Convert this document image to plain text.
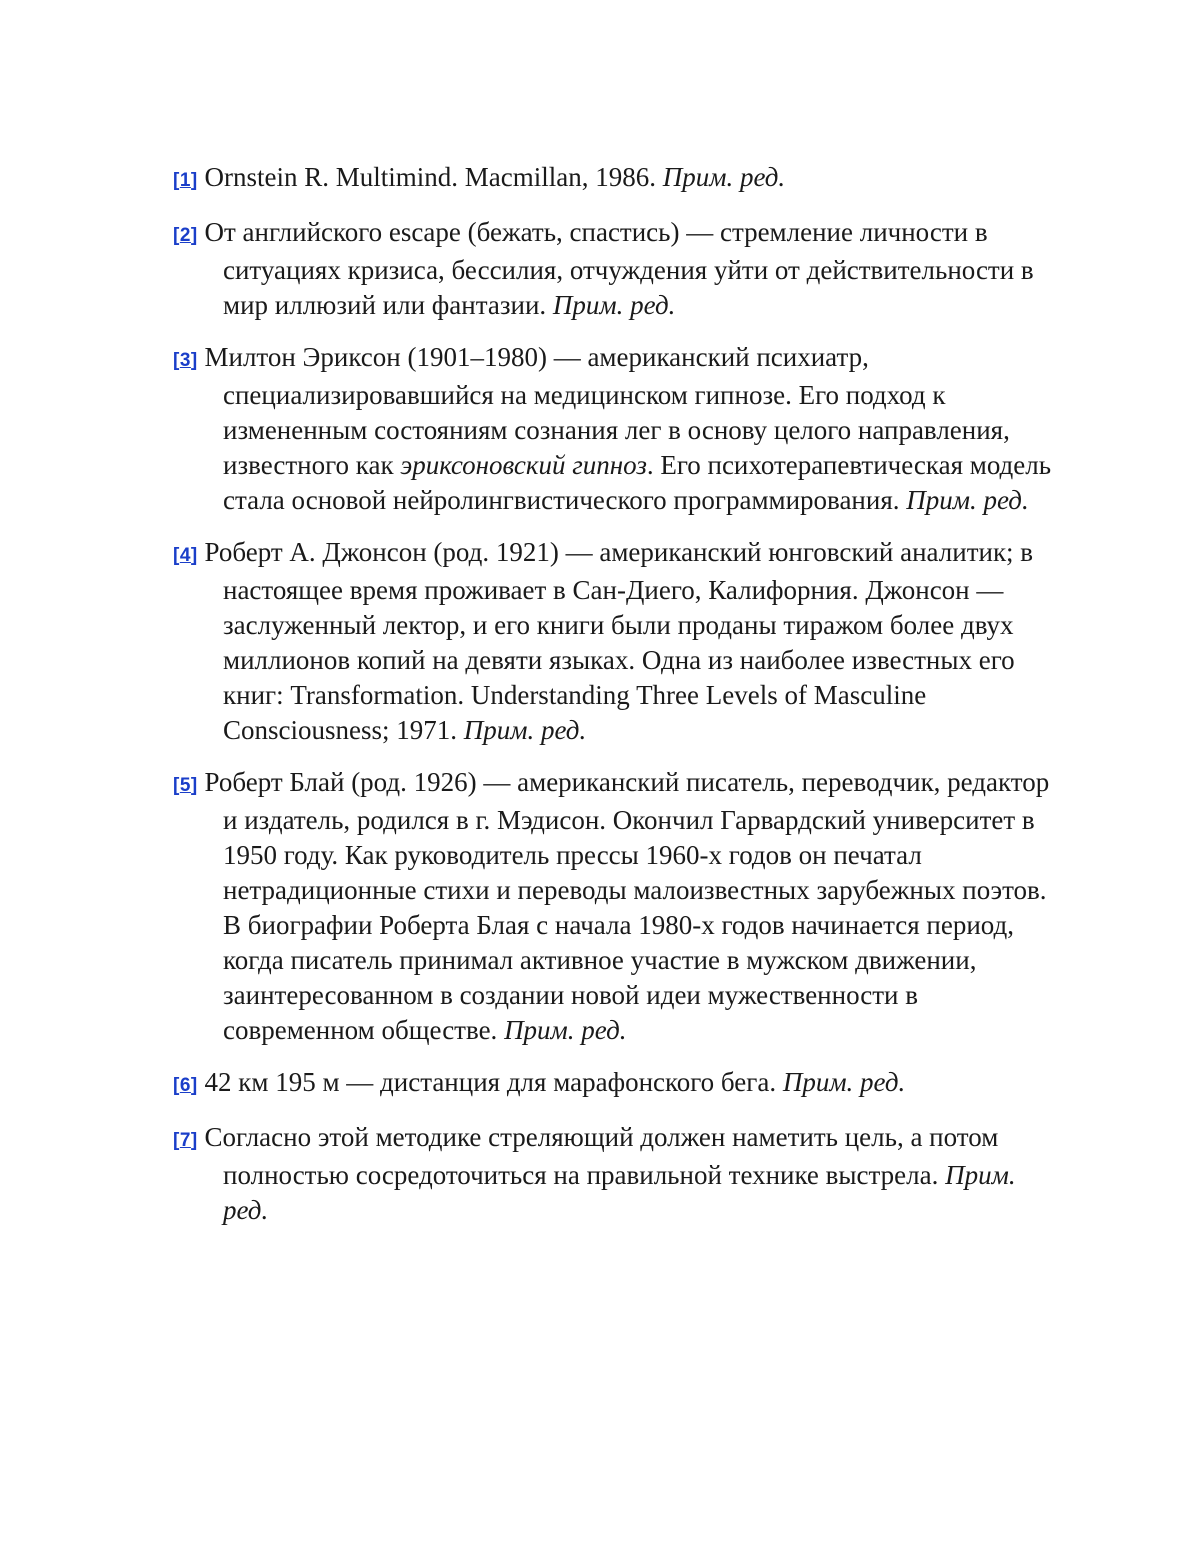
[ 1 ] Ornstein R. Multimind. Macmillan, 1986. Прим. ред.

[ 2 ] От английского escape (бежать, спастись) — стремление личности в ситуациях кризиса, бессилия, отчуждения уйти от действительности в мир иллюзий или фантазии. Прим. ред.

[ 3 ] Милтон Эриксон (1901–1980) — американский психиатр, специализировавшийся на медицинском гипнозе. Его подход к измененным состояниям сознания лег в основу целого направления, известного как эриксоновский гипноз. Его психотерапевтическая модель стала основой нейролингвистического программирования. Прим. ред.

[ 4 ] Роберт А. Джонсон (род. 1921) — американский юнговский аналитик; в настоящее время проживает в Сан-Диего, Калифорния. Джонсон — заслуженный лектор, и его книги были проданы тиражом более двух миллионов копий на девяти языках. Одна из наиболее известных его книг: Transformation. Understanding Three Levels of Masculine Consciousness; 1971. Прим. ред.

[ 5 ] Роберт Блай (род. 1926) — американский писатель, переводчик, редактор и издатель, родился в г. Мэдисон. Окончил Гарвардский университет в 1950 году. Как руководитель прессы 1960-х годов он печатал нетрадиционные стихи и переводы малоизвестных зарубежных поэтов. В биографии Роберта Блая с начала 1980-х годов начинается период, когда писатель принимал активное участие в мужском движении, заинтересованном в создании новой идеи мужественности в современном обществе. Прим. ред.

[ 6 ] 42 км 195 м — дистанция для марафонского бега. Прим. ред.

[ 7 ] Согласно этой методике стреляющий должен наметить цель, а потом полностью сосредоточиться на правильной технике выстрела. Прим. ред.
